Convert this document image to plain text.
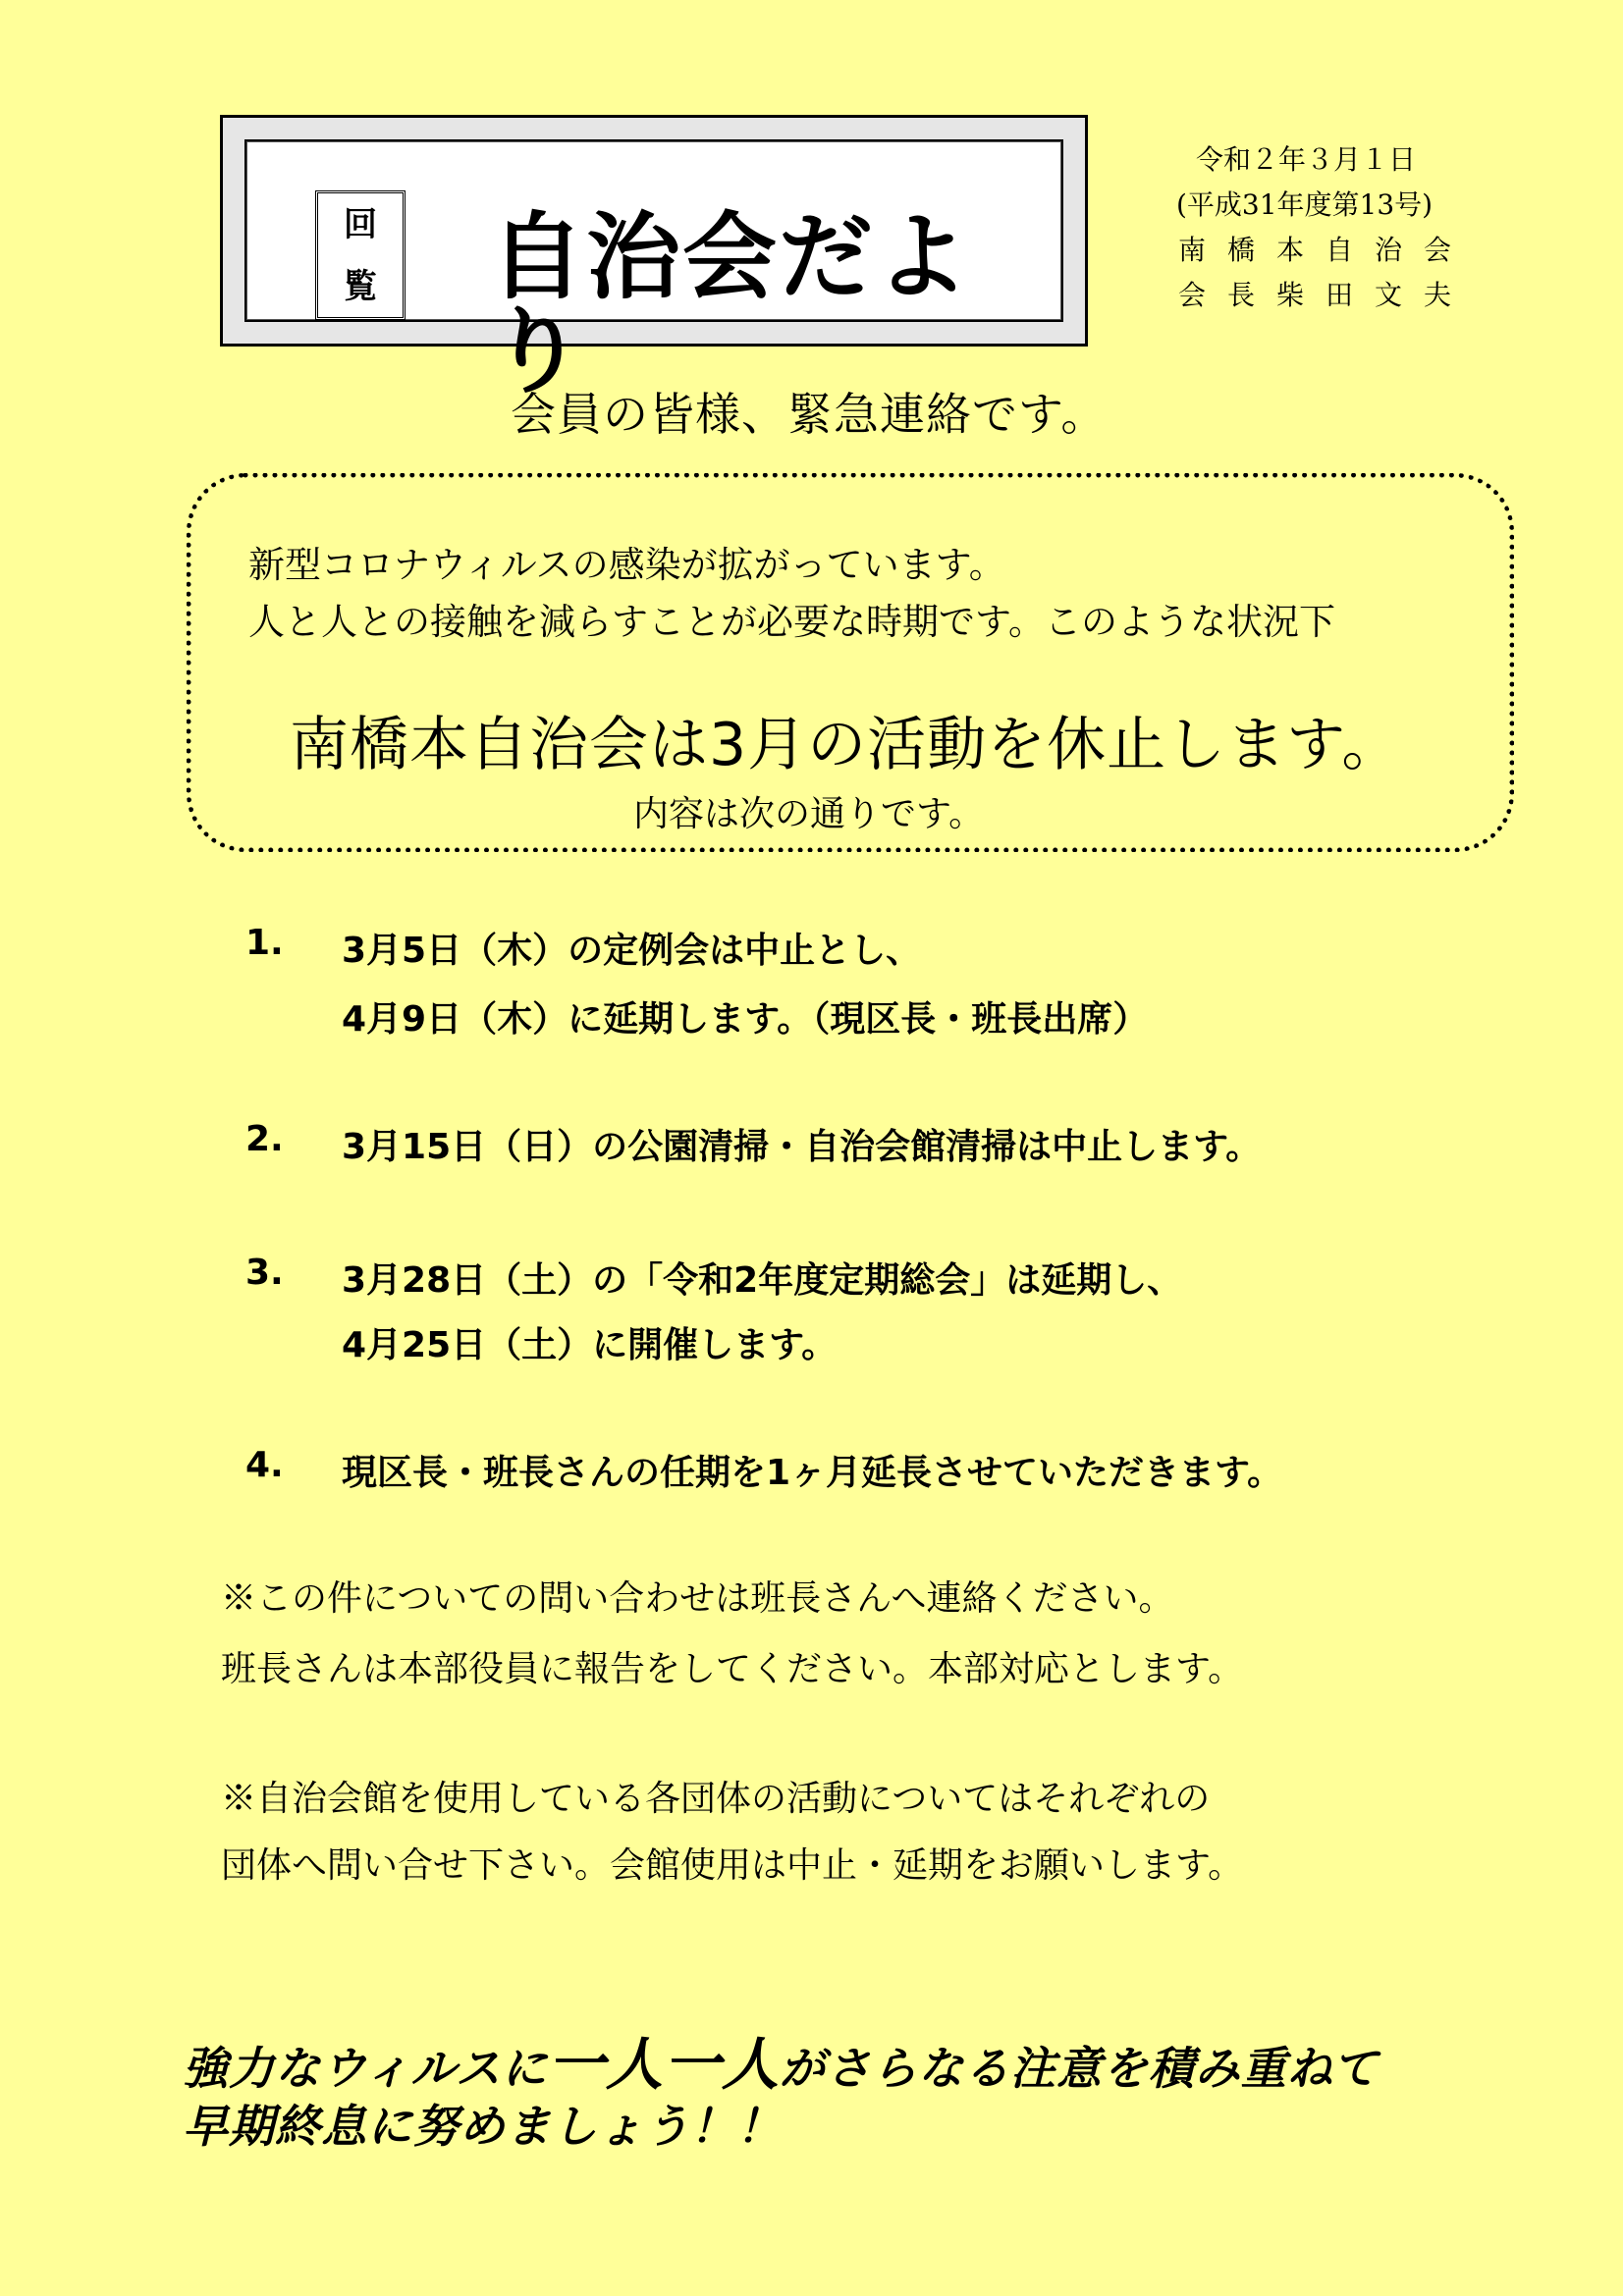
回
覧 自治会だより
令和２年３月１日
(平成31年度第13号)
南橋本自治会
会長柴田文夫
会員の皆様、緊急連絡です。
新型コロナウィルスの感染が拡がっています。
人と人との接触を減らすことが必要な時期です。このような状況下
南橋本自治会は3月の活動を休止します。
内容は次の通りです。
1. 3月5日（木）の定例会は中止とし、
4月9日（木）に延期します。（現区長・班長出席）
2. 3月15日（日）の公園清掃・自治会館清掃は中止します。
3. 3月28日（土）の「令和2年度定期総会」は延期し、
4月25日（土）に開催します。
4. 現区長・班長さんの任期を1ヶ月延長させていただきます。
※この件についての問い合わせは班長さんへ連絡ください。
班長さんは本部役員に報告をしてください。本部対応とします。
※自治会館を使用している各団体の活動についてはそれぞれの
団体へ問い合せ下さい。会館使用は中止・延期をお願いします。
強力なウィルスに一人一人がさらなる注意を積み重ねて
早期終息に努めましょう！！
